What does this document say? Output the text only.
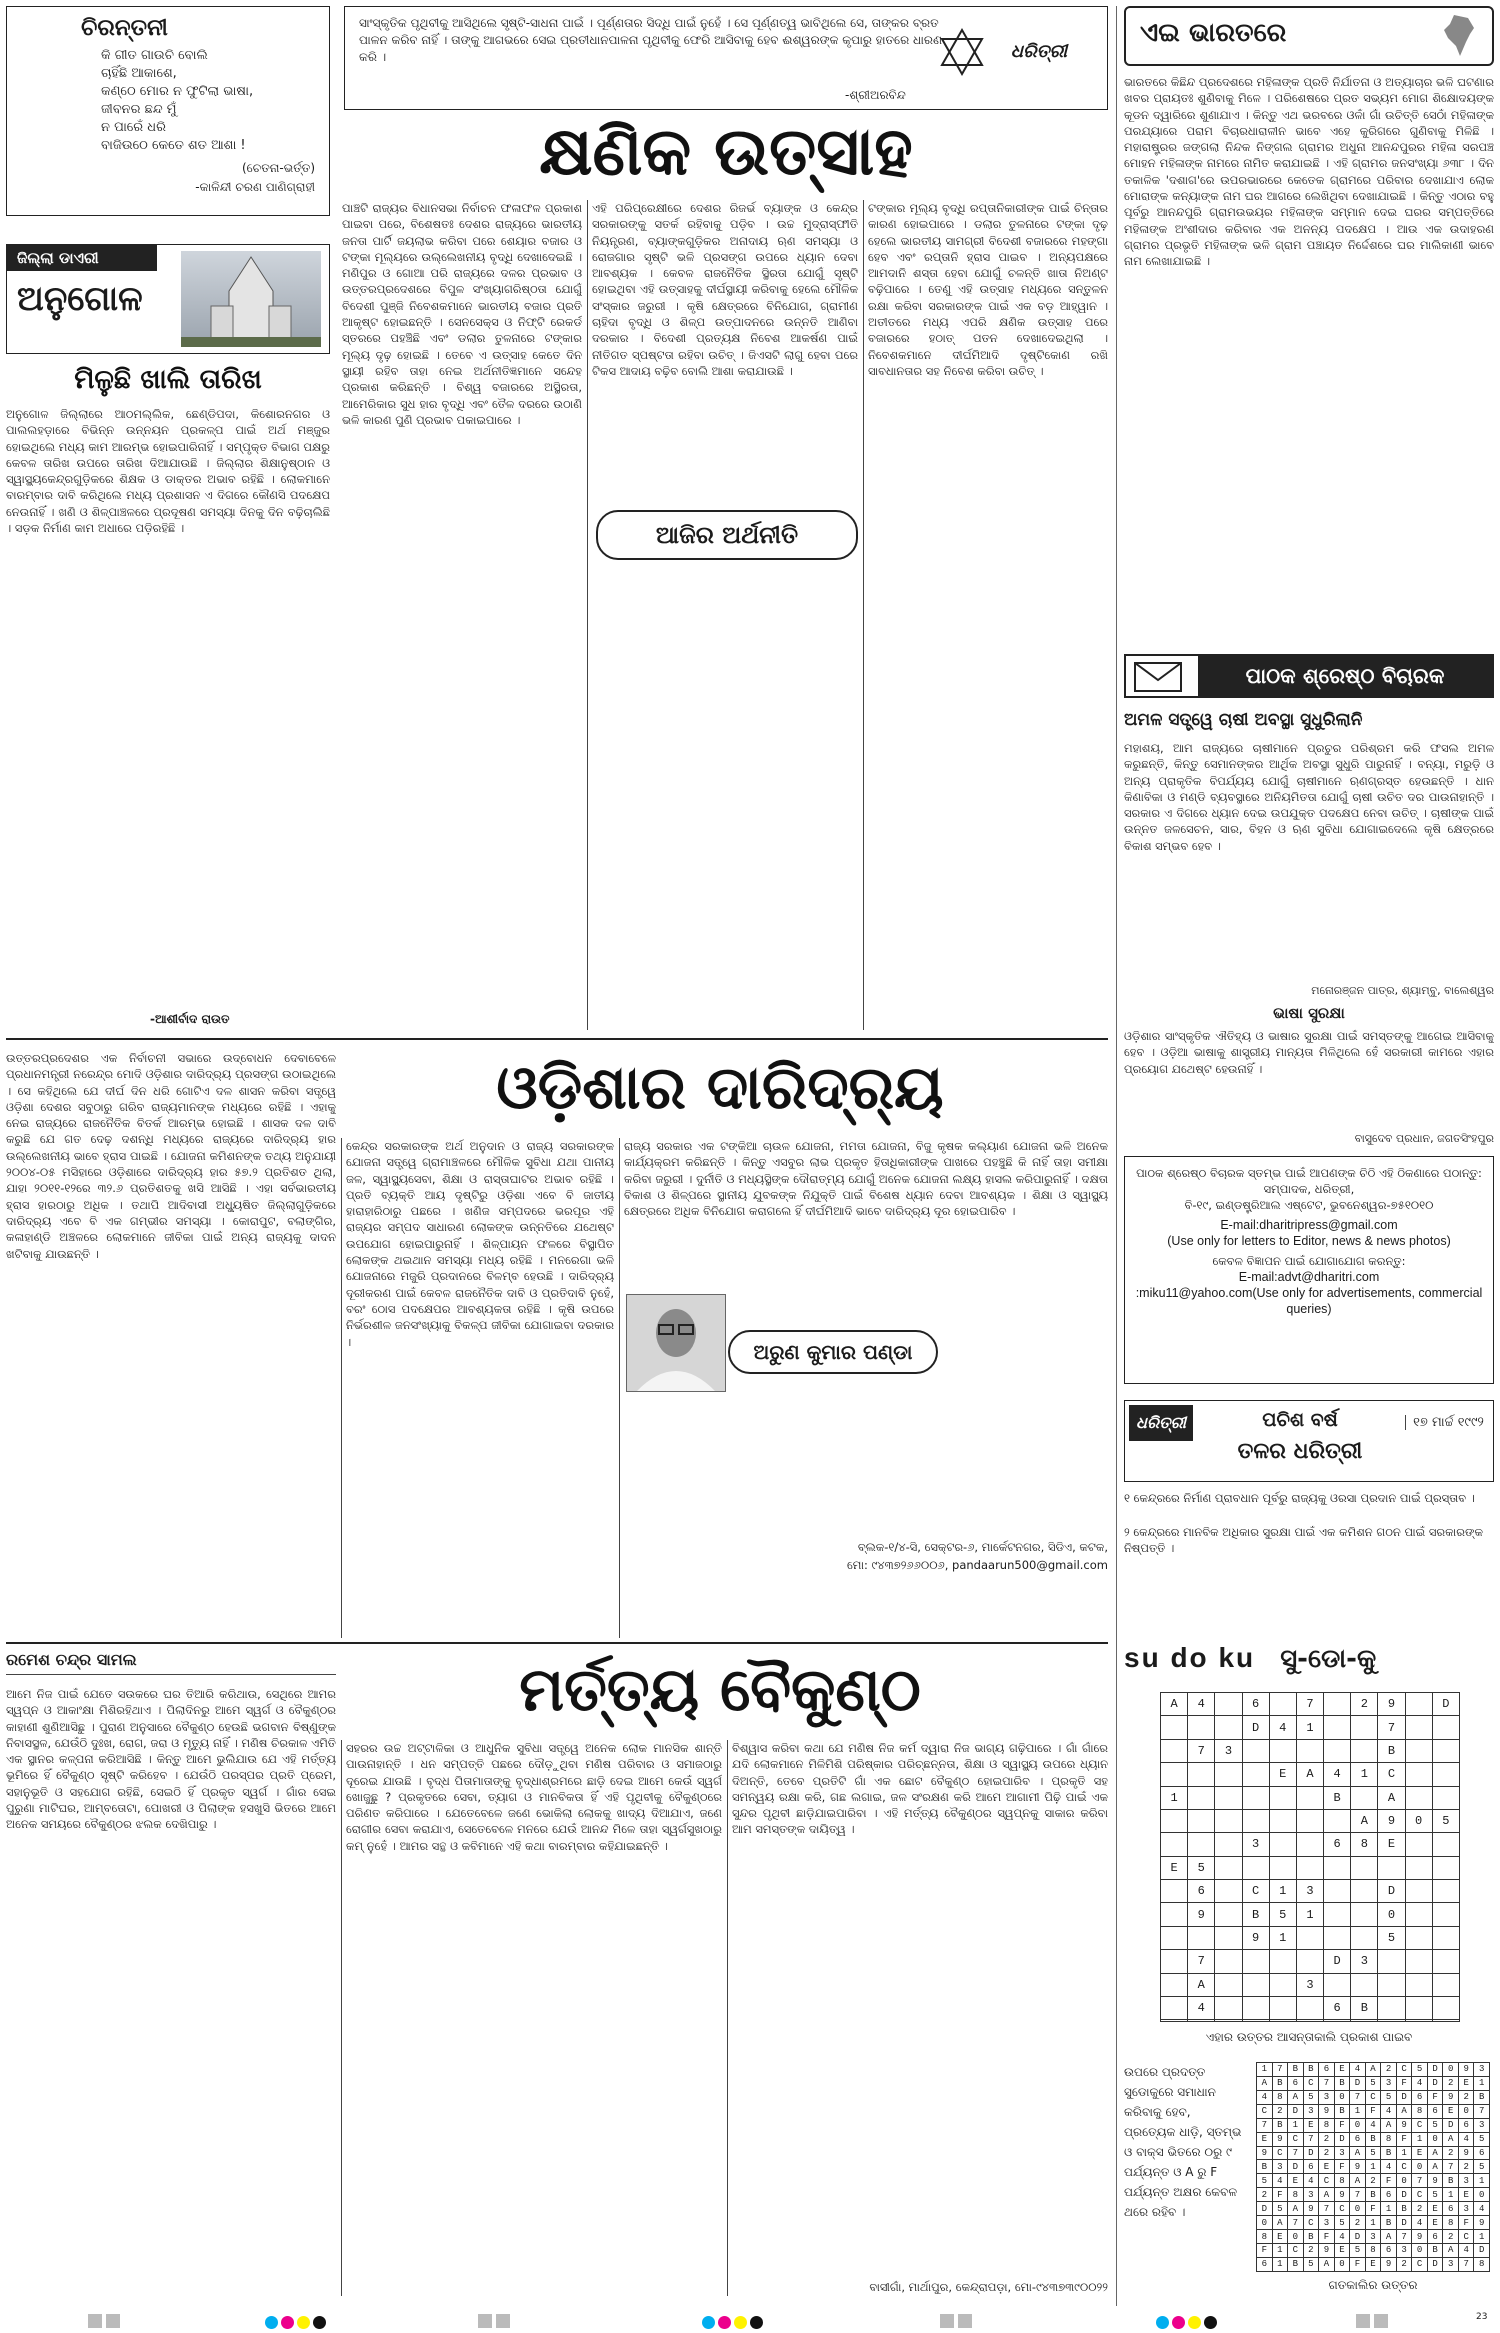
ଚିରନ୍ତନୀ
କି ଗୀତ ଗାଉଚି ବୋଲି
ଚାହିଁଛି ଆକାଶେ,
କଣ୍ଠେ ମୋର ନ ଫୁଟିଲା ଭାଷା,
ଜୀବନର ଛନ୍ଦ ମୁଁ
ନ ପାରେଁ ଧରି
ବାଜିଉଠେ କେତେ ଶତ ଆଶା !
(ଚେତନା-ଭର୍ତ୍ତ)
-କାଳିନ୍ଦୀ ଚରଣ ପାଣିଗ୍ରାହୀ
ସାଂସ୍କୃତିକ ପୃଥିବୀକୁ ଆସିଥିଲେ ସୃଷ୍ଟି-ସାଧନା ପାଇଁ । ପୂର୍ଣ୍ଣତାର ସିଦ୍ଧି ପାଇଁ ନୁହେଁ । ସେ ପୂର୍ଣ୍ଣତ୍ୱ ଭାବିଥିଲେ ସେ, ତାଙ୍କର ବ୍ରତ ପାଳନ କରିବ ନାହିଁ । ତାଙ୍କୁ ଆଗଭରେ ସେଇ ପ୍ରତୀଧାନପାଳନା ପୃଥିବୀକୁ ଫେରି ଆସିବାକୁ ହେବ ଈଶ୍ୱରଙ୍କ କୃପାରୁ ହାତରେ ଧାରଣ କରି ।
-ଶ୍ରୀଅରବିନ୍ଦ
ଧରିତ୍ରୀ
କ୍ଷଣିକ ଉତ୍ସାହ
ଜିଲ୍ଲା ଡାଏରୀ
ଅନୁଗୋଳ
ମିଳୁଛି ଖାଲି ତାରିଖ
ଅନୁଗୋଳ ଜିଲ୍ଲାରେ ଆଠମଲ୍ଲିକ, ଛେଣ୍ଡିପଦା, କିଶୋରନଗର ଓ ପାଲଲହଡ଼ାରେ ବିଭିନ୍ନ ଉନ୍ନୟନ ପ୍ରକଳ୍ପ ପାଇଁ ଅର୍ଥ ମଞ୍ଜୁର ହୋଇଥିଲେ ମଧ୍ୟ କାମ ଆରମ୍ଭ ହୋଇପାରିନାହିଁ । ସମ୍ପୃକ୍ତ ବିଭାଗ ପକ୍ଷରୁ କେବଳ ତାରିଖ ଉପରେ ତାରିଖ ଦିଆଯାଉଛି । ଜିଲ୍ଲାର ଶିକ୍ଷାନୁଷ୍ଠାନ ଓ ସ୍ୱାସ୍ଥ୍ୟକେନ୍ଦ୍ରଗୁଡ଼ିକରେ ଶିକ୍ଷକ ଓ ଡାକ୍ତର ଅଭାବ ରହିଛି । ଲୋକମାନେ ବାରମ୍ବାର ଦାବି କରିଥିଲେ ମଧ୍ୟ ପ୍ରଶାସନ ଏ ଦିଗରେ କୌଣସି ପଦକ୍ଷେପ ନେଉନାହିଁ । ଖଣି ଓ ଶିଳ୍ପାଞ୍ଚଳରେ ପ୍ରଦୂଷଣ ସମସ୍ୟା ଦିନକୁ ଦିନ ବଢ଼ିଚାଲିଛି । ସଡ଼କ ନିର୍ମାଣ କାମ ଅଧାରେ ପଡ଼ିରହିଛି ।
-ଆଶୀର୍ବାଦ ରାଉତ
ପାଞ୍ଚଟି ରାଜ୍ୟର ବିଧାନସଭା ନିର୍ବାଚନ ଫଳାଫଳ ପ୍ରକାଶ ପାଇବା ପରେ, ବିଶେଷତଃ ଦେଶର ରାଜ୍ୟରେ ଭାରତୀୟ ଜନତା ପାର୍ଟି ଜୟଲାଭ କରିବା ପରେ ଶେୟାର ବଜାର ଓ ଟଙ୍କା ମୂଲ୍ୟରେ ଉଲ୍ଲେଖନୀୟ ବୃଦ୍ଧି ଦେଖାଦେଇଛି । ମଣିପୁର ଓ ଗୋଆ ପରି ରାଜ୍ୟରେ ଦଳର ପ୍ରଭାବ ଓ ଉତ୍ତରପ୍ରଦେଶରେ ବିପୁଳ ସଂଖ୍ୟାଗରିଷ୍ଠତା ଯୋଗୁଁ ବିଦେଶୀ ପୁଞ୍ଜି ନିବେଶକମାନେ ଭାରତୀୟ ବଜାର ପ୍ରତି ଆକୃଷ୍ଟ ହୋଇଛନ୍ତି । ସେନସେକ୍ସ ଓ ନିଫ୍ଟି ରେକର୍ଡ ସ୍ତରରେ ପହଞ୍ଚିଛି ଏବଂ ଡଲାର ତୁଳନାରେ ଟଙ୍କାର ମୂଲ୍ୟ ଦୃଢ଼ ହୋଇଛି । ତେବେ ଏ ଉତ୍ସାହ କେତେ ଦିନ ସ୍ଥାୟୀ ରହିବ ତାହା ନେଇ ଅର୍ଥନୀତିଜ୍ଞମାନେ ସନ୍ଦେହ ପ୍ରକାଶ କରିଛନ୍ତି । ବିଶ୍ୱ ବଜାରରେ ଅସ୍ଥିରତା, ଆମେରିକାର ସୁଧ ହାର ବୃଦ୍ଧି ଏବଂ ତୈଳ ଦରରେ ଉଠାଣି ଭଳି କାରଣ ପୁଣି ପ୍ରଭାବ ପକାଇପାରେ ।
ଏହି ପରିପ୍ରେକ୍ଷୀରେ ଦେଶର ରିଜର୍ଭ ବ୍ୟାଙ୍କ ଓ କେନ୍ଦ୍ର ସରକାରଙ୍କୁ ସତର୍କ ରହିବାକୁ ପଡ଼ିବ । ଉଚ୍ଚ ମୁଦ୍ରାସ୍ଫୀତି ନିୟନ୍ତ୍ରଣ, ବ୍ୟାଙ୍କଗୁଡ଼ିକର ଅନାଦାୟ ଋଣ ସମସ୍ୟା ଓ ରୋଜଗାର ସୃଷ୍ଟି ଭଳି ପ୍ରସଙ୍ଗ ଉପରେ ଧ୍ୟାନ ଦେବା ଆବଶ୍ୟକ । କେବଳ ରାଜନୈତିକ ସ୍ଥିରତା ଯୋଗୁଁ ସୃଷ୍ଟି ହୋଇଥିବା ଏହି ଉତ୍ସାହକୁ ଦୀର୍ଘସ୍ଥାୟୀ କରିବାକୁ ହେଲେ ମୌଳିକ ସଂସ୍କାର ଜରୁରୀ । କୃଷି କ୍ଷେତ୍ରରେ ବିନିଯୋଗ, ଗ୍ରାମୀଣ ଚାହିଦା ବୃଦ୍ଧି ଓ ଶିଳ୍ପ ଉତ୍ପାଦନରେ ଉନ୍ନତି ଆଣିବା ଦରକାର । ବିଦେଶୀ ପ୍ରତ୍ୟକ୍ଷ ନିବେଶ ଆକର୍ଷଣ ପାଇଁ ନୀତିଗତ ସ୍ପଷ୍ଟତା ରହିବା ଉଚିତ୍ । ଜିଏସଟି ଲାଗୁ ହେବା ପରେ ଟିକସ ଆଦାୟ ବଢ଼ିବ ବୋଲି ଆଶା କରାଯାଉଛି ।
ଟଙ୍କାର ମୂଲ୍ୟ ବୃଦ୍ଧି ରପ୍ତାନିକାରୀଙ୍କ ପାଇଁ ଚିନ୍ତାର କାରଣ ହୋଇପାରେ । ଡଲାର ତୁଳନାରେ ଟଙ୍କା ଦୃଢ଼ ହେଲେ ଭାରତୀୟ ସାମଗ୍ରୀ ବିଦେଶୀ ବଜାରରେ ମହଙ୍ଗା ହେବ ଏବଂ ରପ୍ତାନି ହ୍ରାସ ପାଇବ । ଅନ୍ୟପକ୍ଷରେ ଆମଦାନି ଶସ୍ତା ହେବା ଯୋଗୁଁ ଚଳନ୍ତି ଖାତା ନିଅଣ୍ଟ ବଢ଼ିପାରେ । ତେଣୁ ଏହି ଉତ୍ସାହ ମଧ୍ୟରେ ସନ୍ତୁଳନ ରକ୍ଷା କରିବା ସରକାରଙ୍କ ପାଇଁ ଏକ ବଡ଼ ଆହ୍ୱାନ । ଅତୀତରେ ମଧ୍ୟ ଏପରି କ୍ଷଣିକ ଉତ୍ସାହ ପରେ ବଜାରରେ ହଠାତ୍ ପତନ ଦେଖାଦେଇଥିଲା । ନିବେଶକମାନେ ଦୀର୍ଘମିଆଦି ଦୃଷ୍ଟିକୋଣ ରଖି ସାବଧାନତାର ସହ ନିବେଶ କରିବା ଉଚିତ୍ ।
ଆଜିର ଅର୍ଥନୀତି
ଏଇ ଭାରତରେ
ଭାରତରେ କିଛିନ୍ଦ ପ୍ରଦେଶରେ ମହିଳାଙ୍କ ପ୍ରତି ନିର୍ଯାତନା ଓ ଅତ୍ୟାଚାର ଭଳି ଘଟଣାର ଖବର ପ୍ରାୟତଃ ଶୁଣିବାକୁ ମିଳେ । ପରିଶେଷରେ ପ୍ରତ ସଭ୍ୟମ ମୋଗ ଶିକ୍ଷୋଦୟଙ୍କ କୂଡନ ଦ୍ୱାରିରେ ଶୁଣାଯାଏ । କିନ୍ତୁ ଏଥ ଭରବରେ ଓଳାଁ ଗାଁ ଉଚିତ୍ତି ସେଠାଁ ମହିଳାଙ୍କ ପରଯ୍ୟାରେ ପରାମ ବିଚାରଧାରାଳୀନ ଭାବେ ଏହେ କୁରିଗରେ ଗୁଣିବାକୁ ମିଳିଛି । ମହାରାଷ୍ଟ୍ରର ଜଙ୍ଗଲା ନିନ୍ଦକ ନିଙ୍ଗଲ ଗ୍ରାମର ଅଧୁନା ଆନନ୍ଦପୁରର ମହିଳା ସରପଞ୍ଚ ମୋହନ ମହିଳାଙ୍କ ନାମରେ ନାମିତ କରାଯାଇଛି । ଏହି ଗ୍ରାମର ଜନସଂଖ୍ୟା ୬୩୮ । ଦିନ ତକାଳିକ 'ଦଶାଗ'ରେ ଉପରଭାରରେ କେତେକ ଗ୍ରାମରେ ପରିବାର ଦେଖାଯାଏ ଲୋକ ମୋରାଙ୍କ କନ୍ୟାଙ୍କ ନାମ ଘର ଆଗରେ ଲେଖିଥିବା ଦେଖାଯାଇଛି । କିନ୍ତୁ ଏଠାର ବହୁ ପୂର୍ବରୁ ଆନନ୍ଦପୁରି ଗ୍ରାମଉଭୟର ମହିଳାଙ୍କ ସମ୍ମାନ ଦେଇ ଘରର ସମ୍ପତ୍ତିରେ ମହିଳାଙ୍କ ଅଂଶୀଦାର କରିବାର ଏକ ଅନନ୍ୟ ପଦକ୍ଷେପ । ଆଉ ଏକ ଉଦାହରଣ ଗ୍ରାମର ପ୍ରଭୃତି ମହିଳାଙ୍କ ଭଳି ଗ୍ରାମ ପଞ୍ଚାୟତ ନିର୍ଦ୍ଦେଶରେ ଘର ମାଲିକାଣୀ ଭାବେ ନାମ ଲେଖାଯାଇଛି ।
ପାଠକ ଶ୍ରେଷ୍ଠ ବିଚାରକ
ଅମଳ ସତ୍ତ୍ୱେ ଚାଷୀ ଅବସ୍ଥା ସୁଧୁରିଲାନି
ମହାଶୟ, ଆମ ରାଜ୍ୟରେ ଚାଷୀମାନେ ପ୍ରଚୁର ପରିଶ୍ରମ କରି ଫସଲ ଅମଳ କରୁଛନ୍ତି, କିନ୍ତୁ ସେମାନଙ୍କର ଆର୍ଥିକ ଅବସ୍ଥା ସୁଧୁରି ପାରୁନାହିଁ । ବନ୍ୟା, ମରୁଡ଼ି ଓ ଅନ୍ୟ ପ୍ରାକୃତିକ ବିପର୍ଯ୍ୟୟ ଯୋଗୁଁ ଚାଷୀମାନେ ଋଣଗ୍ରସ୍ତ ହେଉଛନ୍ତି । ଧାନ କିଣାବିକା ଓ ମଣ୍ଡି ବ୍ୟବସ୍ଥାରେ ଅନିୟମିତତା ଯୋଗୁଁ ଚାଷୀ ଉଚିତ ଦର ପାଉନାହାନ୍ତି । ସରକାର ଏ ଦିଗରେ ଧ୍ୟାନ ଦେଇ ଉପଯୁକ୍ତ ପଦକ୍ଷେପ ନେବା ଉଚିତ୍ । ଚାଷୀଙ୍କ ପାଇଁ ଉନ୍ନତ ଜଳସେଚନ, ସାର, ବିହନ ଓ ଋଣ ସୁବିଧା ଯୋଗାଇଦେଲେ କୃଷି କ୍ଷେତ୍ରରେ ବିକାଶ ସମ୍ଭବ ହେବ ।
ମନୋରଞ୍ଜନ ପାତ୍ର, ଶ୍ୟାମ୍ବୁ, ବାଲେଶ୍ୱର
ଭାଷା ସୁରକ୍ଷା
ଓଡ଼ିଶାର ସାଂସ୍କୃତିକ ଐତିହ୍ୟ ଓ ଭାଷାର ସୁରକ୍ଷା ପାଇଁ ସମସ୍ତଙ୍କୁ ଆଗେଇ ଆସିବାକୁ ହେବ । ଓଡ଼ିଆ ଭାଷାକୁ ଶାସ୍ତ୍ରୀୟ ମାନ୍ୟତା ମିଳିଥିଲେ ହେଁ ସରକାରୀ କାମରେ ଏହାର ପ୍ରୟୋଗ ଯଥେଷ୍ଟ ହେଉନାହିଁ ।
ବାସୁଦେବ ପ୍ରଧାନ, ଜଗତସିଂହପୁର
ପାଠକ ଶ୍ରେଷ୍ଠ ବିଚାରକ ସ୍ତମ୍ଭ ପାଇଁ ଆପଣଙ୍କ ଚିଠି ଏହି ଠିକଣାରେ ପଠାନ୍ତୁ:
ସମ୍ପାଦକ, ଧରିତ୍ରୀ,
ବି-୧୯, ଇଣ୍ଡଷ୍ଟ୍ରିଆଲ ଏଷ୍ଟେଟ, ଭୁବନେଶ୍ୱର-୭୫୧୦୧୦
E-mail:dharitripress@gmail.com
(Use only for letters to Editor, news & news photos)
କେବଳ ବିଜ୍ଞାପନ ପାଇଁ ଯୋଗାଯୋଗ କରନ୍ତୁ:
E-mail:advt@dharitri.com
:miku11@yahoo.com(Use only for advertisements, commercial queries)
ଧରିତ୍ରୀ	ପଚିଶ ବର୍ଷ
ତଳର ଧରିତ୍ରୀ
୧୭ ମାର୍ଚ୍ଚ ୧୯୯୨
୧ କେନ୍ଦ୍ରରେ ନିର୍ମାଣ ପ୍ରାବଧାନ ପୂର୍ବରୁ ରାଜ୍ୟକୁ ଓରସା ପ୍ରଦାନ ପାଇଁ ପ୍ରସ୍ତାବ ।
୨ କେନ୍ଦ୍ରରେ ମାନବିକ ଅଧିକାର ସୁରକ୍ଷା ପାଇଁ ଏକ କମିଶନ ଗଠନ ପାଇଁ ସରକାରଙ୍କ ନିଷ୍ପତ୍ତି ।
su do ku ସୁ-ଡୋ-କୁ
A	4		6		7		2	9		D
			D	4	1			7		
	7	3						B		
				E	A	4	1	C		
1						B		A		
							A	9	0	5
			3			6	8	E		
E	5									
	6		C	1	3			D		
	9		B	5	1			0		
			9	1				5		
	7					D	3			
	A				3					
	4					6	B			

ଏହାର ଉତ୍ତର ଆସନ୍ତାକାଲି ପ୍ରକାଶ ପାଇବ
ଉପରେ ପ୍ରଦତ୍ତ ସୁଡୋକୁରେ ସମାଧାନ କରିବାକୁ ହେବ, ପ୍ରତ୍ୟେକ ଧାଡ଼ି, ସ୍ତମ୍ଭ ଓ ବାକ୍ସ ଭିତରେ ୦ରୁ ୯ ପର୍ଯ୍ୟନ୍ତ ଓ A ରୁ F ପର୍ଯ୍ୟନ୍ତ ଅକ୍ଷର କେବଳ ଥରେ ରହିବ ।
1	7	B	B	6	E	4	A	2	C	5	D	0	9	3
A	B	6	C	7	B	D	5	3	F	4	D	2	E	1
4	8	A	5	3	0	7	C	5	D	6	F	9	2	B
C	2	D	3	9	B	1	F	4	A	8	6	E	0	7
7	B	1	E	8	F	0	4	A	9	C	5	D	6	3
E	9	C	7	2	D	6	B	8	F	1	0	A	4	5
9	C	7	D	2	3	A	5	B	1	E	A	2	9	6
B	3	D	6	E	F	9	1	4	C	0	A	7	2	5
5	4	E	4	C	8	A	2	F	0	7	9	B	3	1
2	F	8	3	A	9	7	B	6	D	C	5	1	E	0
D	5	A	9	7	C	0	F	1	B	2	E	6	3	4
0	A	7	C	3	5	2	1	B	D	4	E	8	F	9
8	E	0	B	F	4	D	3	A	7	9	6	2	C	1
F	1	C	2	9	E	5	8	6	3	0	B	A	4	D
6	1	B	5	A	0	F	E	9	2	C	D	3	7	8
ଗତକାଲିର ଉତ୍ତର
ଓଡ଼ିଶାର ଦାରିଦ୍ର୍ୟ
ଉତ୍ତରପ୍ରଦେଶର ଏକ ନିର୍ବାଚନୀ ସଭାରେ ଉଦ୍‌ବୋଧନ ଦେବାବେଳେ ପ୍ରଧାନମନ୍ତ୍ରୀ ନରେନ୍ଦ୍ର ମୋଦି ଓଡ଼ିଶାର ଦାରିଦ୍ର୍ୟ ପ୍ରସଙ୍ଗ ଉଠାଇଥିଲେ । ସେ କହିଥିଲେ ଯେ ଦୀର୍ଘ ଦିନ ଧରି ଗୋଟିଏ ଦଳ ଶାସନ କରିବା ସତ୍ତ୍ୱେ ଓଡ଼ିଶା ଦେଶର ସବୁଠାରୁ ଗରିବ ରାଜ୍ୟମାନଙ୍କ ମଧ୍ୟରେ ରହିଛି । ଏହାକୁ ନେଇ ରାଜ୍ୟରେ ରାଜନୈତିକ ବିତର୍କ ଆରମ୍ଭ ହୋଇଛି । ଶାସକ ଦଳ ଦାବି କରୁଛି ଯେ ଗତ ଦେଢ଼ ଦଶନ୍ଧି ମଧ୍ୟରେ ରାଜ୍ୟରେ ଦାରିଦ୍ର୍ୟ ହାର ଉଲ୍ଲେଖନୀୟ ଭାବେ ହ୍ରାସ ପାଇଛି । ଯୋଜନା କମିଶନଙ୍କ ତଥ୍ୟ ଅନୁଯାୟୀ ୨୦୦୪-୦୫ ମସିହାରେ ଓଡ଼ିଶାରେ ଦାରିଦ୍ର୍ୟ ହାର ୫୭.୨ ପ୍ରତିଶତ ଥିଲା, ଯାହା ୨୦୧୧-୧୨ରେ ୩୨.୬ ପ୍ରତିଶତକୁ ଖସି ଆସିଛି । ଏହା ସର୍ବଭାରତୀୟ ହ୍ରାସ ହାରଠାରୁ ଅଧିକ । ତଥାପି ଆଦିବାସୀ ଅଧ୍ୟୁଷିତ ଜିଲ୍ଲାଗୁଡ଼ିକରେ ଦାରିଦ୍ର୍ୟ ଏବେ ବି ଏକ ଗମ୍ଭୀର ସମସ୍ୟା । କୋରାପୁଟ, ବଲାଙ୍ଗିର, କଳାହାଣ୍ଡି ଅଞ୍ଚଳରେ ଲୋକମାନେ ଜୀବିକା ପାଇଁ ଅନ୍ୟ ରାଜ୍ୟକୁ ଦାଦନ ଖଟିବାକୁ ଯାଉଛନ୍ତି ।
କେନ୍ଦ୍ର ସରକାରଙ୍କ ଅର୍ଥ ଅନୁଦାନ ଓ ରାଜ୍ୟ ସରକାରଙ୍କ ଯୋଜନା ସତ୍ତ୍ୱେ ଗ୍ରାମାଞ୍ଚଳରେ ମୌଳିକ ସୁବିଧା ଯଥା ପାନୀୟ ଜଳ, ସ୍ୱାସ୍ଥ୍ୟସେବା, ଶିକ୍ଷା ଓ ରାସ୍ତାଘାଟର ଅଭାବ ରହିଛି । ପ୍ରତି ବ୍ୟକ୍ତି ଆୟ ଦୃଷ୍ଟିରୁ ଓଡ଼ିଶା ଏବେ ବି ଜାତୀୟ ହାରାହାରିଠାରୁ ପଛରେ । ଖଣିଜ ସମ୍ପଦରେ ଭରପୂର ଏହି ରାଜ୍ୟର ସମ୍ପଦ ସାଧାରଣ ଲୋକଙ୍କ ଉନ୍ନତିରେ ଯଥେଷ୍ଟ ଉପଯୋଗ ହୋଇପାରୁନାହିଁ । ଶିଳ୍ପାୟନ ଫଳରେ ବିସ୍ଥାପିତ ଲୋକଙ୍କ ଥଇଥାନ ସମସ୍ୟା ମଧ୍ୟ ରହିଛି । ମନରେଗା ଭଳି ଯୋଜନାରେ ମଜୁରି ପ୍ରଦାନରେ ବିଳମ୍ବ ହେଉଛି । ଦାରିଦ୍ର୍ୟ ଦୂରୀକରଣ ପାଇଁ କେବଳ ରାଜନୈତିକ ଦାବି ଓ ପ୍ରତିଦାବି ନୁହେଁ, ବରଂ ଠୋସ ପଦକ୍ଷେପର ଆବଶ୍ୟକତା ରହିଛି । କୃଷି ଉପରେ ନିର୍ଭରଶୀଳ ଜନସଂଖ୍ୟାକୁ ବିକଳ୍ପ ଜୀବିକା ଯୋଗାଇବା ଦରକାର ।
ରାଜ୍ୟ ସରକାର ଏକ ଟଙ୍କିଆ ଚାଉଳ ଯୋଜନା, ମମତା ଯୋଜନା, ବିଜୁ କୃଷକ କଲ୍ୟାଣ ଯୋଜନା ଭଳି ଅନେକ କାର୍ଯ୍ୟକ୍ରମ କରିଛନ୍ତି । କିନ୍ତୁ ଏସବୁର ଲାଭ ପ୍ରକୃତ ହିତାଧିକାରୀଙ୍କ ପାଖରେ ପହଞ୍ଚୁଛି କି ନାହିଁ ତାହା ସମୀକ୍ଷା କରିବା ଜରୁରୀ । ଦୁର୍ନୀତି ଓ ମଧ୍ୟସ୍ଥିଙ୍କ ଦୌରାତ୍ମ୍ୟ ଯୋଗୁଁ ଅନେକ ଯୋଜନା ଲକ୍ଷ୍ୟ ହାସଲ କରିପାରୁନାହିଁ । ଦକ୍ଷତା ବିକାଶ ଓ ଶିଳ୍ପରେ ସ୍ଥାନୀୟ ଯୁବକଙ୍କ ନିଯୁକ୍ତି ପାଇଁ ବିଶେଷ ଧ୍ୟାନ ଦେବା ଆବଶ୍ୟକ । ଶିକ୍ଷା ଓ ସ୍ୱାସ୍ଥ୍ୟ କ୍ଷେତ୍ରରେ ଅଧିକ ବିନିଯୋଗ କରାଗଲେ ହିଁ ଦୀର୍ଘମିଆଦି ଭାବେ ଦାରିଦ୍ର୍ୟ ଦୂର ହୋଇପାରିବ ।
ଅରୁଣ କୁମାର ପଣ୍ଡା
ବ୍ଲକ-୧/୪-ସି, ସେକ୍ଟର-୬, ମାର୍କେଟନଗର, ସିଡିଏ, କଟକ,
ମୋ: ୯୪୩୭୨୬୬୦୦୬, pandaarun500@gmail.com
ରମେଶ ଚନ୍ଦ୍ର ସାମଲ	ମର୍ତ୍ତ୍ୟ ବୈକୁଣ୍ଠ
ଆମେ ନିଜ ପାଇଁ ଯେତେ ସଉକରେ ଘର ତିଆରି କରିଥାଉ, ସେଥିରେ ଆମର ସ୍ୱପ୍ନ ଓ ଆକାଂକ୍ଷା ମିଶିରହିଥାଏ । ପିଲାଦିନରୁ ଆମେ ସ୍ୱର୍ଗ ଓ ବୈକୁଣ୍ଠର କାହାଣୀ ଶୁଣିଆସିଛୁ । ପୁରାଣ ଅନୁସାରେ ବୈକୁଣ୍ଠ ହେଉଛି ଭଗବାନ ବିଷ୍ଣୁଙ୍କ ନିବାସସ୍ଥଳ, ଯେଉଁଠି ଦୁଃଖ, ରୋଗ, ଜରା ଓ ମୃତ୍ୟୁ ନାହିଁ । ମଣିଷ ଚିରକାଳ ଏମିତି ଏକ ସ୍ଥାନର କଳ୍ପନା କରିଆସିଛି । କିନ୍ତୁ ଆମେ ଭୁଲିଯାଉ ଯେ ଏହି ମର୍ତ୍ତ୍ୟ ଭୂମିରେ ହିଁ ବୈକୁଣ୍ଠ ସୃଷ୍ଟି କରିହେବ । ଯେଉଁଠି ପରସ୍ପର ପ୍ରତି ପ୍ରେମ, ସହାନୁଭୂତି ଓ ସହଯୋଗ ରହିଛି, ସେଇଠି ହିଁ ପ୍ରକୃତ ସ୍ୱର୍ଗ । ଗାଁର ସେଇ ପୁରୁଣା ମାଟିଘର, ଆମ୍ବତୋଟା, ପୋଖରୀ ଓ ପିଲାଙ୍କ ହସଖୁସି ଭିତରେ ଆମେ ଅନେକ ସମୟରେ ବୈକୁଣ୍ଠର ଝଲକ ଦେଖିପାରୁ ।
ସହରର ଉଚ୍ଚ ଅଟ୍ଟାଳିକା ଓ ଆଧୁନିକ ସୁବିଧା ସତ୍ତ୍ୱେ ଅନେକ ଲୋକ ମାନସିକ ଶାନ୍ତି ପାଉନାହାନ୍ତି । ଧନ ସମ୍ପତ୍ତି ପଛରେ ଦୌଡ଼ୁଥିବା ମଣିଷ ପରିବାର ଓ ସମାଜଠାରୁ ଦୂରେଇ ଯାଉଛି । ବୃଦ୍ଧ ପିତାମାତାଙ୍କୁ ବୃଦ୍ଧାଶ୍ରମରେ ଛାଡ଼ି ଦେଇ ଆମେ କେଉଁ ସ୍ୱର୍ଗ ଖୋଜୁଛୁ ? ପ୍ରକୃତରେ ସେବା, ତ୍ୟାଗ ଓ ମାନବିକତା ହିଁ ଏହି ପୃଥିବୀକୁ ବୈକୁଣ୍ଠରେ ପରିଣତ କରିପାରେ । ଯେତେବେଳେ ଜଣେ ଭୋକିଲା ଲୋକକୁ ଖାଦ୍ୟ ଦିଆଯାଏ, ଜଣେ ରୋଗୀର ସେବା କରାଯାଏ, ସେତେବେଳେ ମନରେ ଯେଉଁ ଆନନ୍ଦ ମିଳେ ତାହା ସ୍ୱର୍ଗସୁଖଠାରୁ କମ୍ ନୁହେଁ । ଆମର ସନ୍ଥ ଓ କବିମାନେ ଏହି କଥା ବାରମ୍ବାର କହିଯାଇଛନ୍ତି ।
ବିଶ୍ୱାସ କରିବା କଥା ଯେ ମଣିଷ ନିଜ କର୍ମ ଦ୍ୱାରା ନିଜ ଭାଗ୍ୟ ଗଢ଼ିପାରେ । ଗାଁ ଗାଁରେ ଯଦି ଲୋକମାନେ ମିଳିମିଶି ପରିଷ୍କାର ପରିଚ୍ଛନ୍ନତା, ଶିକ୍ଷା ଓ ସ୍ୱାସ୍ଥ୍ୟ ଉପରେ ଧ୍ୟାନ ଦିଅନ୍ତି, ତେବେ ପ୍ରତିଟି ଗାଁ ଏକ ଛୋଟ ବୈକୁଣ୍ଠ ହୋଇପାରିବ । ପ୍ରକୃତି ସହ ସମନ୍ୱୟ ରକ୍ଷା କରି, ଗଛ ଲଗାଇ, ଜଳ ସଂରକ୍ଷଣ କରି ଆମେ ଆଗାମୀ ପିଢ଼ି ପାଇଁ ଏକ ସୁନ୍ଦର ପୃଥିବୀ ଛାଡ଼ିଯାଇପାରିବା । ଏହି ମର୍ତ୍ତ୍ୟ ବୈକୁଣ୍ଠର ସ୍ୱପ୍ନକୁ ସାକାର କରିବା ଆମ ସମସ୍ତଙ୍କ ଦାୟିତ୍ୱ ।
ବାସୀଗାଁ, ମାର୍ଥାପୁର, କେନ୍ଦ୍ରାପଡ଼ା, ମୋ-୯୪୩୭୩୯୦୦୨୨
23
